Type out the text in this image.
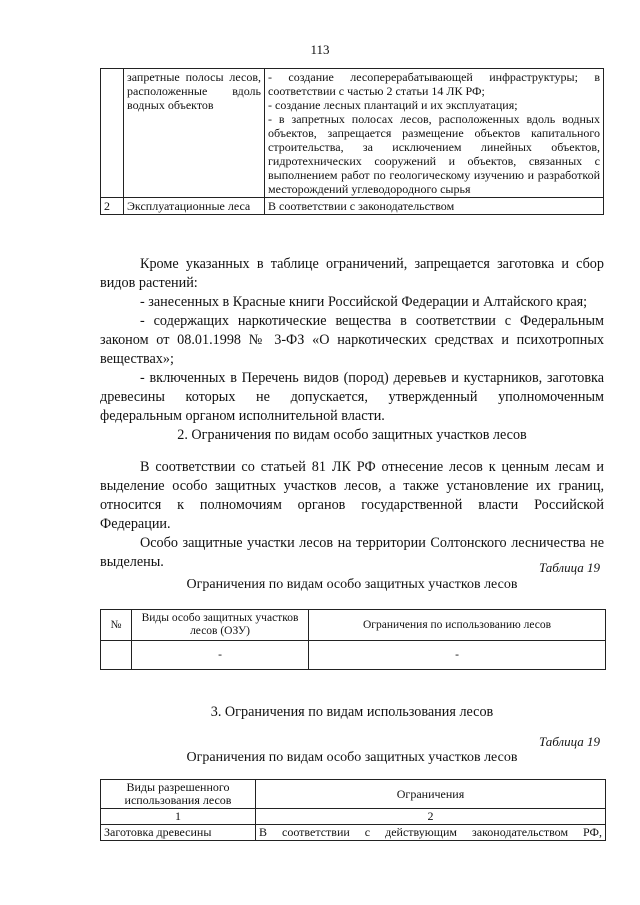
113
	запретные полосы лесов, расположенные вдоль водных объектов	- создание лесоперерабатывающей инфраструктуры; в соответствии с частью 2 статьи 14 ЛК РФ;
- создание лесных плантаций и их эксплуатация;
- в запретных полосах лесов, расположенных вдоль водных объектов, запрещается размещение объектов капитального строительства, за исключением линейных объектов, гидротехнических сооружений и объектов, связанных с выполнением работ по геологическому изучению и разработкой месторождений углеводородного сырья

2	Эксплуатационные леса	В соответствии с законодательством

Кроме указанных в таблице ограничений, запрещается заготовка и сбор видов растений:

- занесенных в Красные книги Российской Федерации и Алтайского края;

- содержащих наркотические вещества в соответствии с Федеральным законом от 08.01.1998 № 3-ФЗ «О наркотических средствах и психотропных веществах»;

- включенных в Перечень видов (пород) деревьев и кустарников, заготовка древесины которых не допускается, утвержденный уполномоченным федеральным органом исполнительной власти.

2. Ограничения по видам особо защитных участков лесов

В соответствии со статьей 81 ЛК РФ отнесение лесов к ценным лесам и выделение особо защитных участков лесов, а также установление их границ, относится к полномочиям органов государственной власти Российской Федерации.

Особо защитные участки лесов на территории Солтонского лесничества не выделены.	Таблица 19
Ограничения по видам особо защитных участков лесов
№	Виды особо защитных участков лесов (ОЗУ)	Ограничения по использованию лесов
	-	-
3. Ограничения по видам использования лесов
Таблица 19
Ограничения по видам особо защитных участков лесов
Виды разрешенного использования лесов	Ограничения
1	2
Заготовка древесины	В соответствии с действующим законодательством РФ,
